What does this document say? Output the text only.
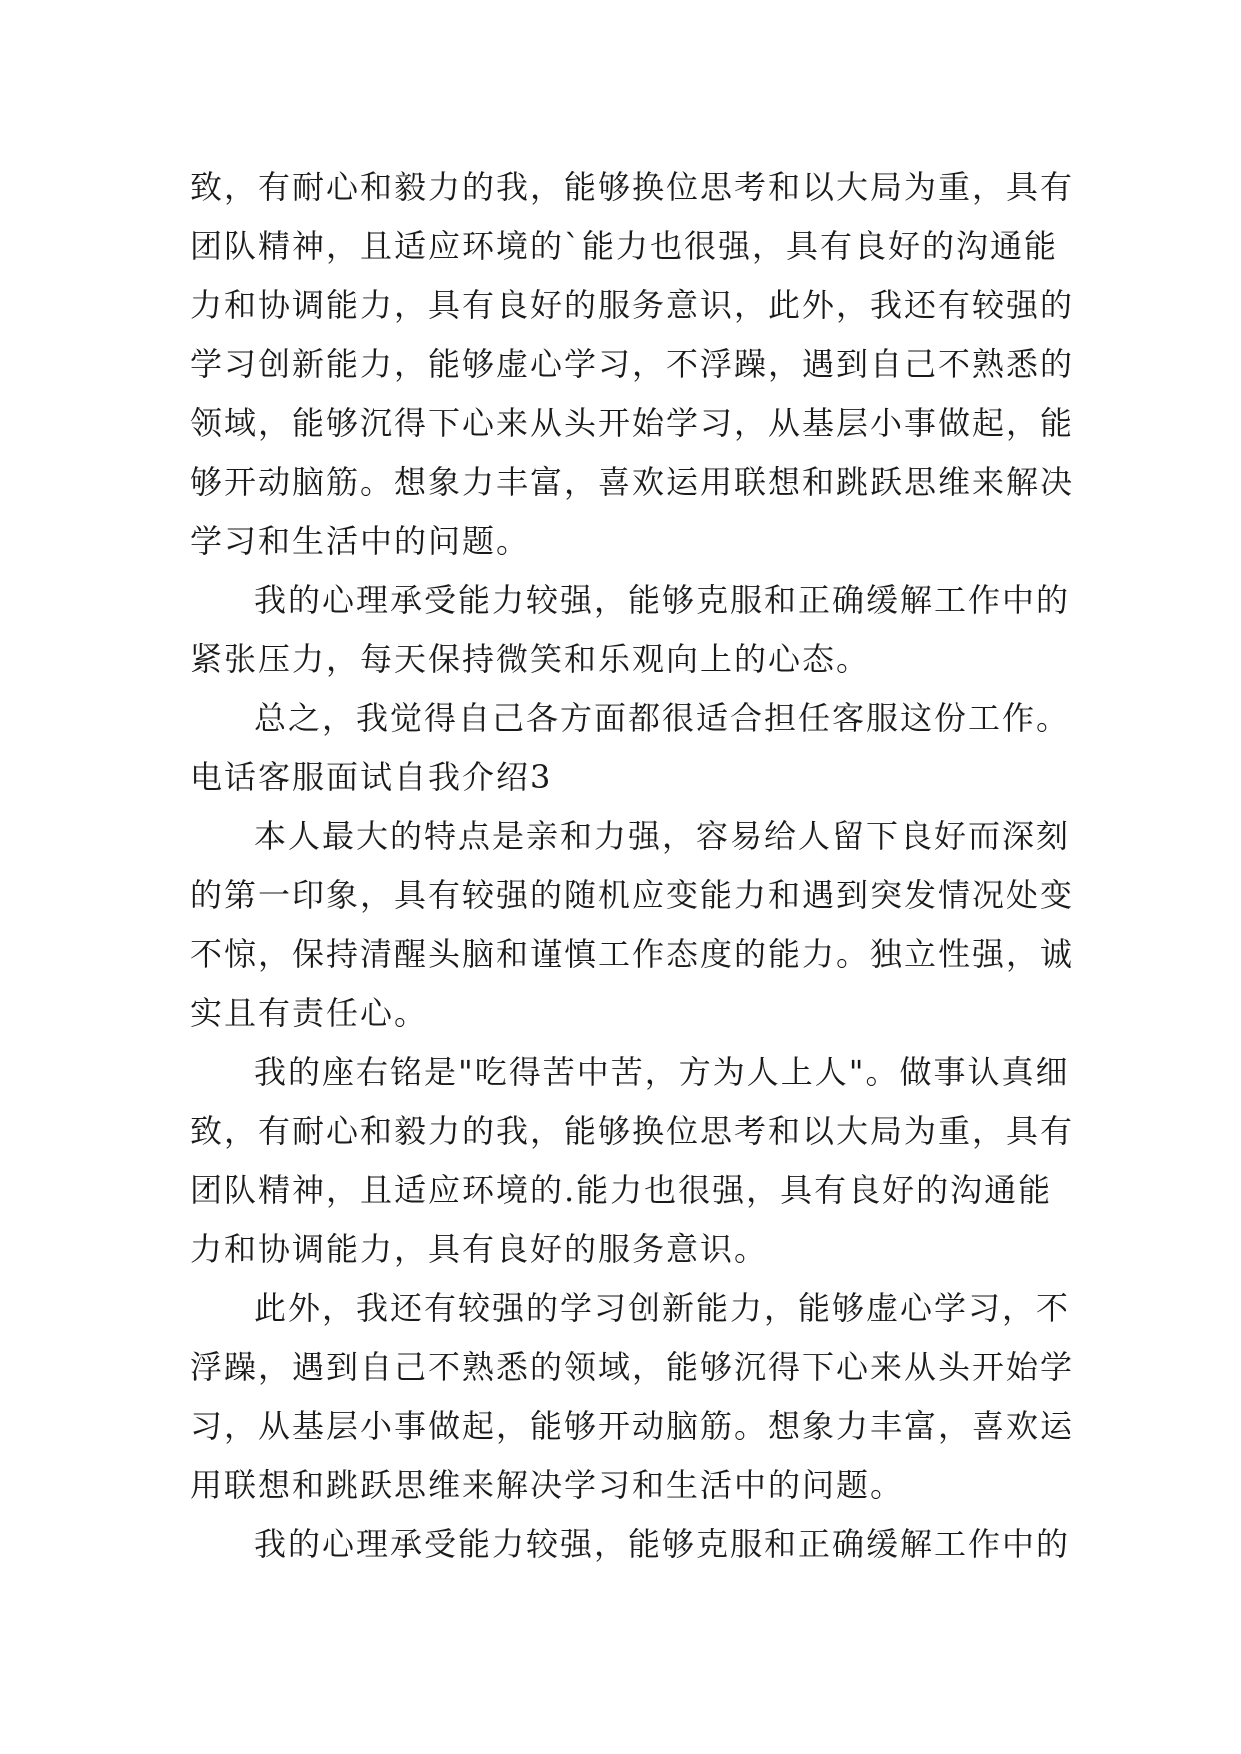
致，有耐心和毅力的我，能够换位思考和以大局为重，具有
团队精神，且适应环境的`能力也很强，具有良好的沟通能
力和协调能力，具有良好的服务意识，此外，我还有较强的
学习创新能力，能够虚心学习，不浮躁，遇到自己不熟悉的
领域，能够沉得下心来从头开始学习，从基层小事做起，能
够开动脑筋。想象力丰富，喜欢运用联想和跳跃思维来解决
学习和生活中的问题。
我的心理承受能力较强，能够克服和正确缓解工作中的
紧张压力，每天保持微笑和乐观向上的心态。
总之，我觉得自己各方面都很适合担任客服这份工作。
电话客服面试自我介绍3
本人最大的特点是亲和力强，容易给人留下良好而深刻
的第一印象，具有较强的随机应变能力和遇到突发情况处变
不惊，保持清醒头脑和谨慎工作态度的能力。独立性强，诚
实且有责任心。
我的座右铭是"吃得苦中苦，方为人上人"。做事认真细
致，有耐心和毅力的我，能够换位思考和以大局为重，具有
团队精神，且适应环境的.能力也很强，具有良好的沟通能
力和协调能力，具有良好的服务意识。
此外，我还有较强的学习创新能力，能够虚心学习，不
浮躁，遇到自己不熟悉的领域，能够沉得下心来从头开始学
习，从基层小事做起，能够开动脑筋。想象力丰富，喜欢运
用联想和跳跃思维来解决学习和生活中的问题。
我的心理承受能力较强，能够克服和正确缓解工作中的
